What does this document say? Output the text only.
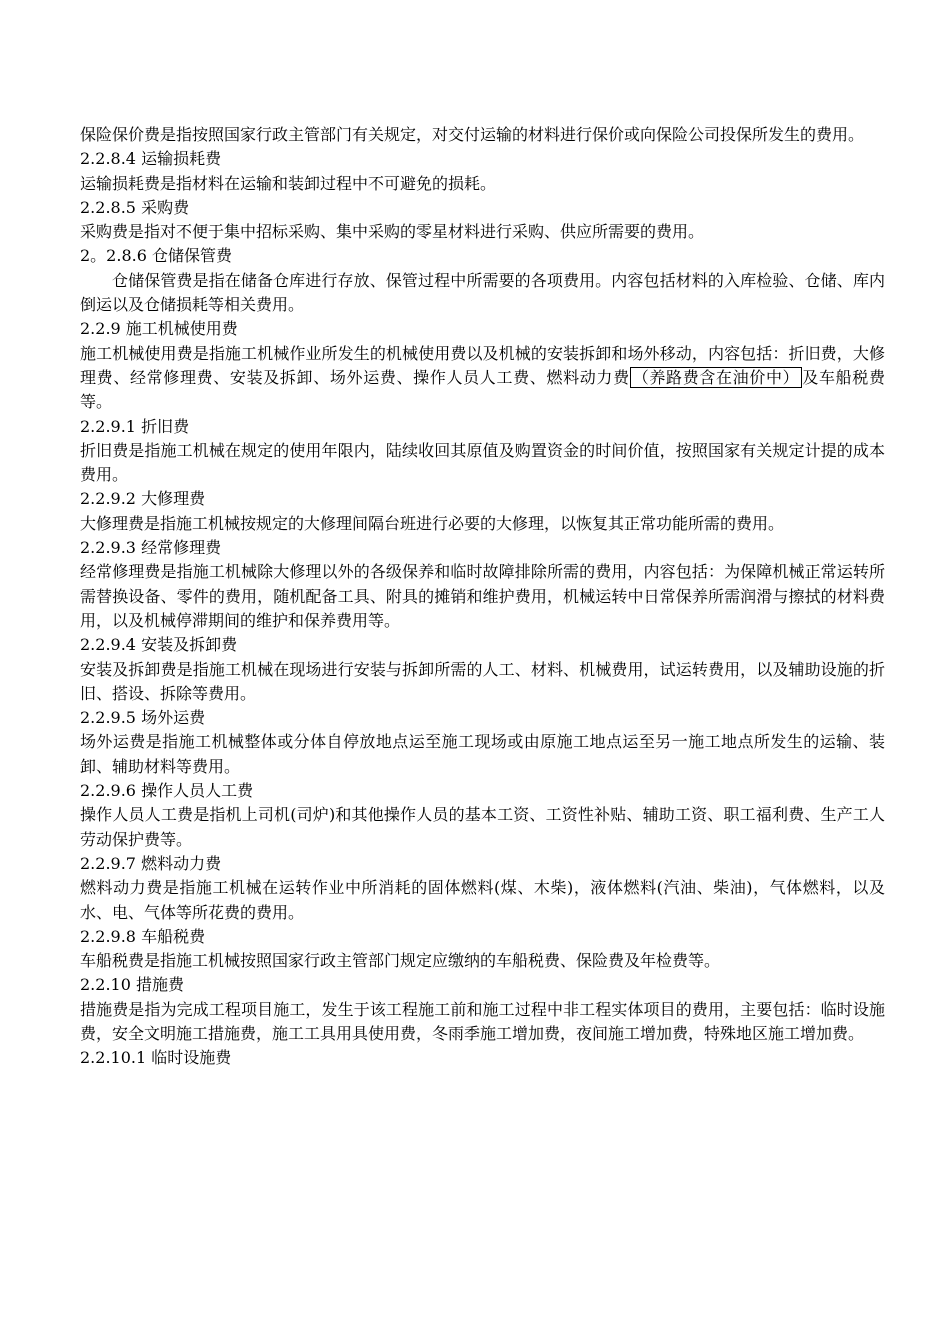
保险保价费是指按照国家行政主管部门有关规定，对交付运输的材料进行保价或向保险公司投保所发生的费用。

2.2.8.4 运输损耗费

运输损耗费是指材料在运输和装卸过程中不可避免的损耗。

2.2.8.5 采购费

采购费是指对不便于集中招标采购、集中采购的零星材料进行采购、供应所需要的费用。

2。2.8.6 仓储保管费

仓储保管费是指在储备仓库进行存放、保管过程中所需要的各项费用。内容包括材料的入库检验、仓储、库内倒运以及仓储损耗等相关费用。

2.2.9 施工机械使用费

施工机械使用费是指施工机械作业所发生的机械使用费以及机械的安装拆卸和场外移动，内容包括：折旧费，大修理费、经常修理费、安装及拆卸、场外运费、操作人员人工费、燃料动力费 （养路费含在油价中） 及车船税费等。

2.2.9.1 折旧费

折旧费是指施工机械在规定的使用年限内，陆续收回其原值及购置资金的时间价值，按照国家有关规定计提的成本费用。

2.2.9.2 大修理费

大修理费是指施工机械按规定的大修理间隔台班进行必要的大修理，以恢复其正常功能所需的费用。

2.2.9.3 经常修理费

经常修理费是指施工机械除大修理以外的各级保养和临时故障排除所需的费用，内容包括：为保障机械正常运转所需替换设备、零件的费用，随机配备工具、附具的摊销和维护费用，机械运转中日常保养所需润滑与擦拭的材料费用，以及机械停滞期间的维护和保养费用等。

2.2.9.4 安装及拆卸费

安装及拆卸费是指施工机械在现场进行安装与拆卸所需的人工、材料、机械费用，试运转费用，以及辅助设施的折旧、搭设、拆除等费用。

2.2.9.5 场外运费

场外运费是指施工机械整体或分体自停放地点运至施工现场或由原施工地点运至另一施工地点所发生的运输、装卸、辅助材料等费用。

2.2.9.6 操作人员人工费

操作人员人工费是指机上司机(司炉)和其他操作人员的基本工资、工资性补贴、辅助工资、职工福利费、生产工人劳动保护费等。

2.2.9.7 燃料动力费

燃料动力费是指施工机械在运转作业中所消耗的固体燃料(煤、木柴)，液体燃料(汽油、柴油)，气体燃料，以及水、电、气体等所花费的费用。

2.2.9.8 车船税费

车船税费是指施工机械按照国家行政主管部门规定应缴纳的车船税费、保险费及年检费等。

2.2.10 措施费

措施费是指为完成工程项目施工，发生于该工程施工前和施工过程中非工程实体项目的费用，主要包括：临时设施费，安全文明施工措施费，施工工具用具使用费，冬雨季施工增加费，夜间施工增加费，特殊地区施工增加费。

2.2.10.1 临时设施费
